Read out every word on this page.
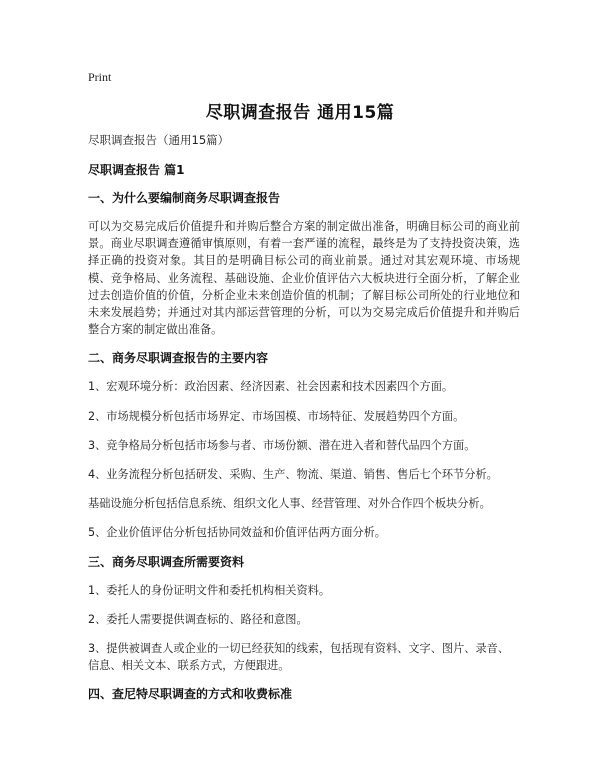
Print
尽职调查报告 通用15篇

尽职调查报告（通用15篇）

尽职调查报告 篇1

一、为什么要编制商务尽职调查报告

可以为交易完成后价值提升和并购后整合方案的制定做出准备，明确目标公司的商业前景。商业尽职调查遵循审慎原则，有着一套严谨的流程，最终是为了支持投资决策，选择正确的投资对象。其目的是明确目标公司的商业前景。通过对其宏观环境、市场规模、竞争格局、业务流程、基础设施、企业价值评估六大板块进行全面分析，了解企业过去创造价值的价值，分析企业未来创造价值的机制；了解目标公司所处的行业地位和未来发展趋势；并通过对其内部运营管理的分析，可以为交易完成后价值提升和并购后整合方案的制定做出准备。

二、商务尽职调查报告的主要内容

1、宏观环境分析：政治因素、经济因素、社会因素和技术因素四个方面。

2、市场规模分析包括市场界定、市场国模、市场特征、发展趋势四个方面。

3、竞争格局分析包括市场参与者、市场份额、潜在进入者和替代品四个方面。

4、业务流程分析包括研发、采购、生产、物流、渠道、销售、售后七个环节分析。

基础设施分析包括信息系统、组织文化人事、经营管理、对外合作四个板块分析。

5、企业价值评估分析包括协同效益和价值评估两方面分析。

三、商务尽职调查所需要资料

1、委托人的身份证明文件和委托机构相关资料。

2、委托人需要提供调查标的、路径和意图。

3、提供被调查人或企业的一切已经获知的线索，包括现有资料、文字、图片、录音、信息、相关文本、联系方式，方便跟进。

四、查尼特尽职调查的方式和收费标准
